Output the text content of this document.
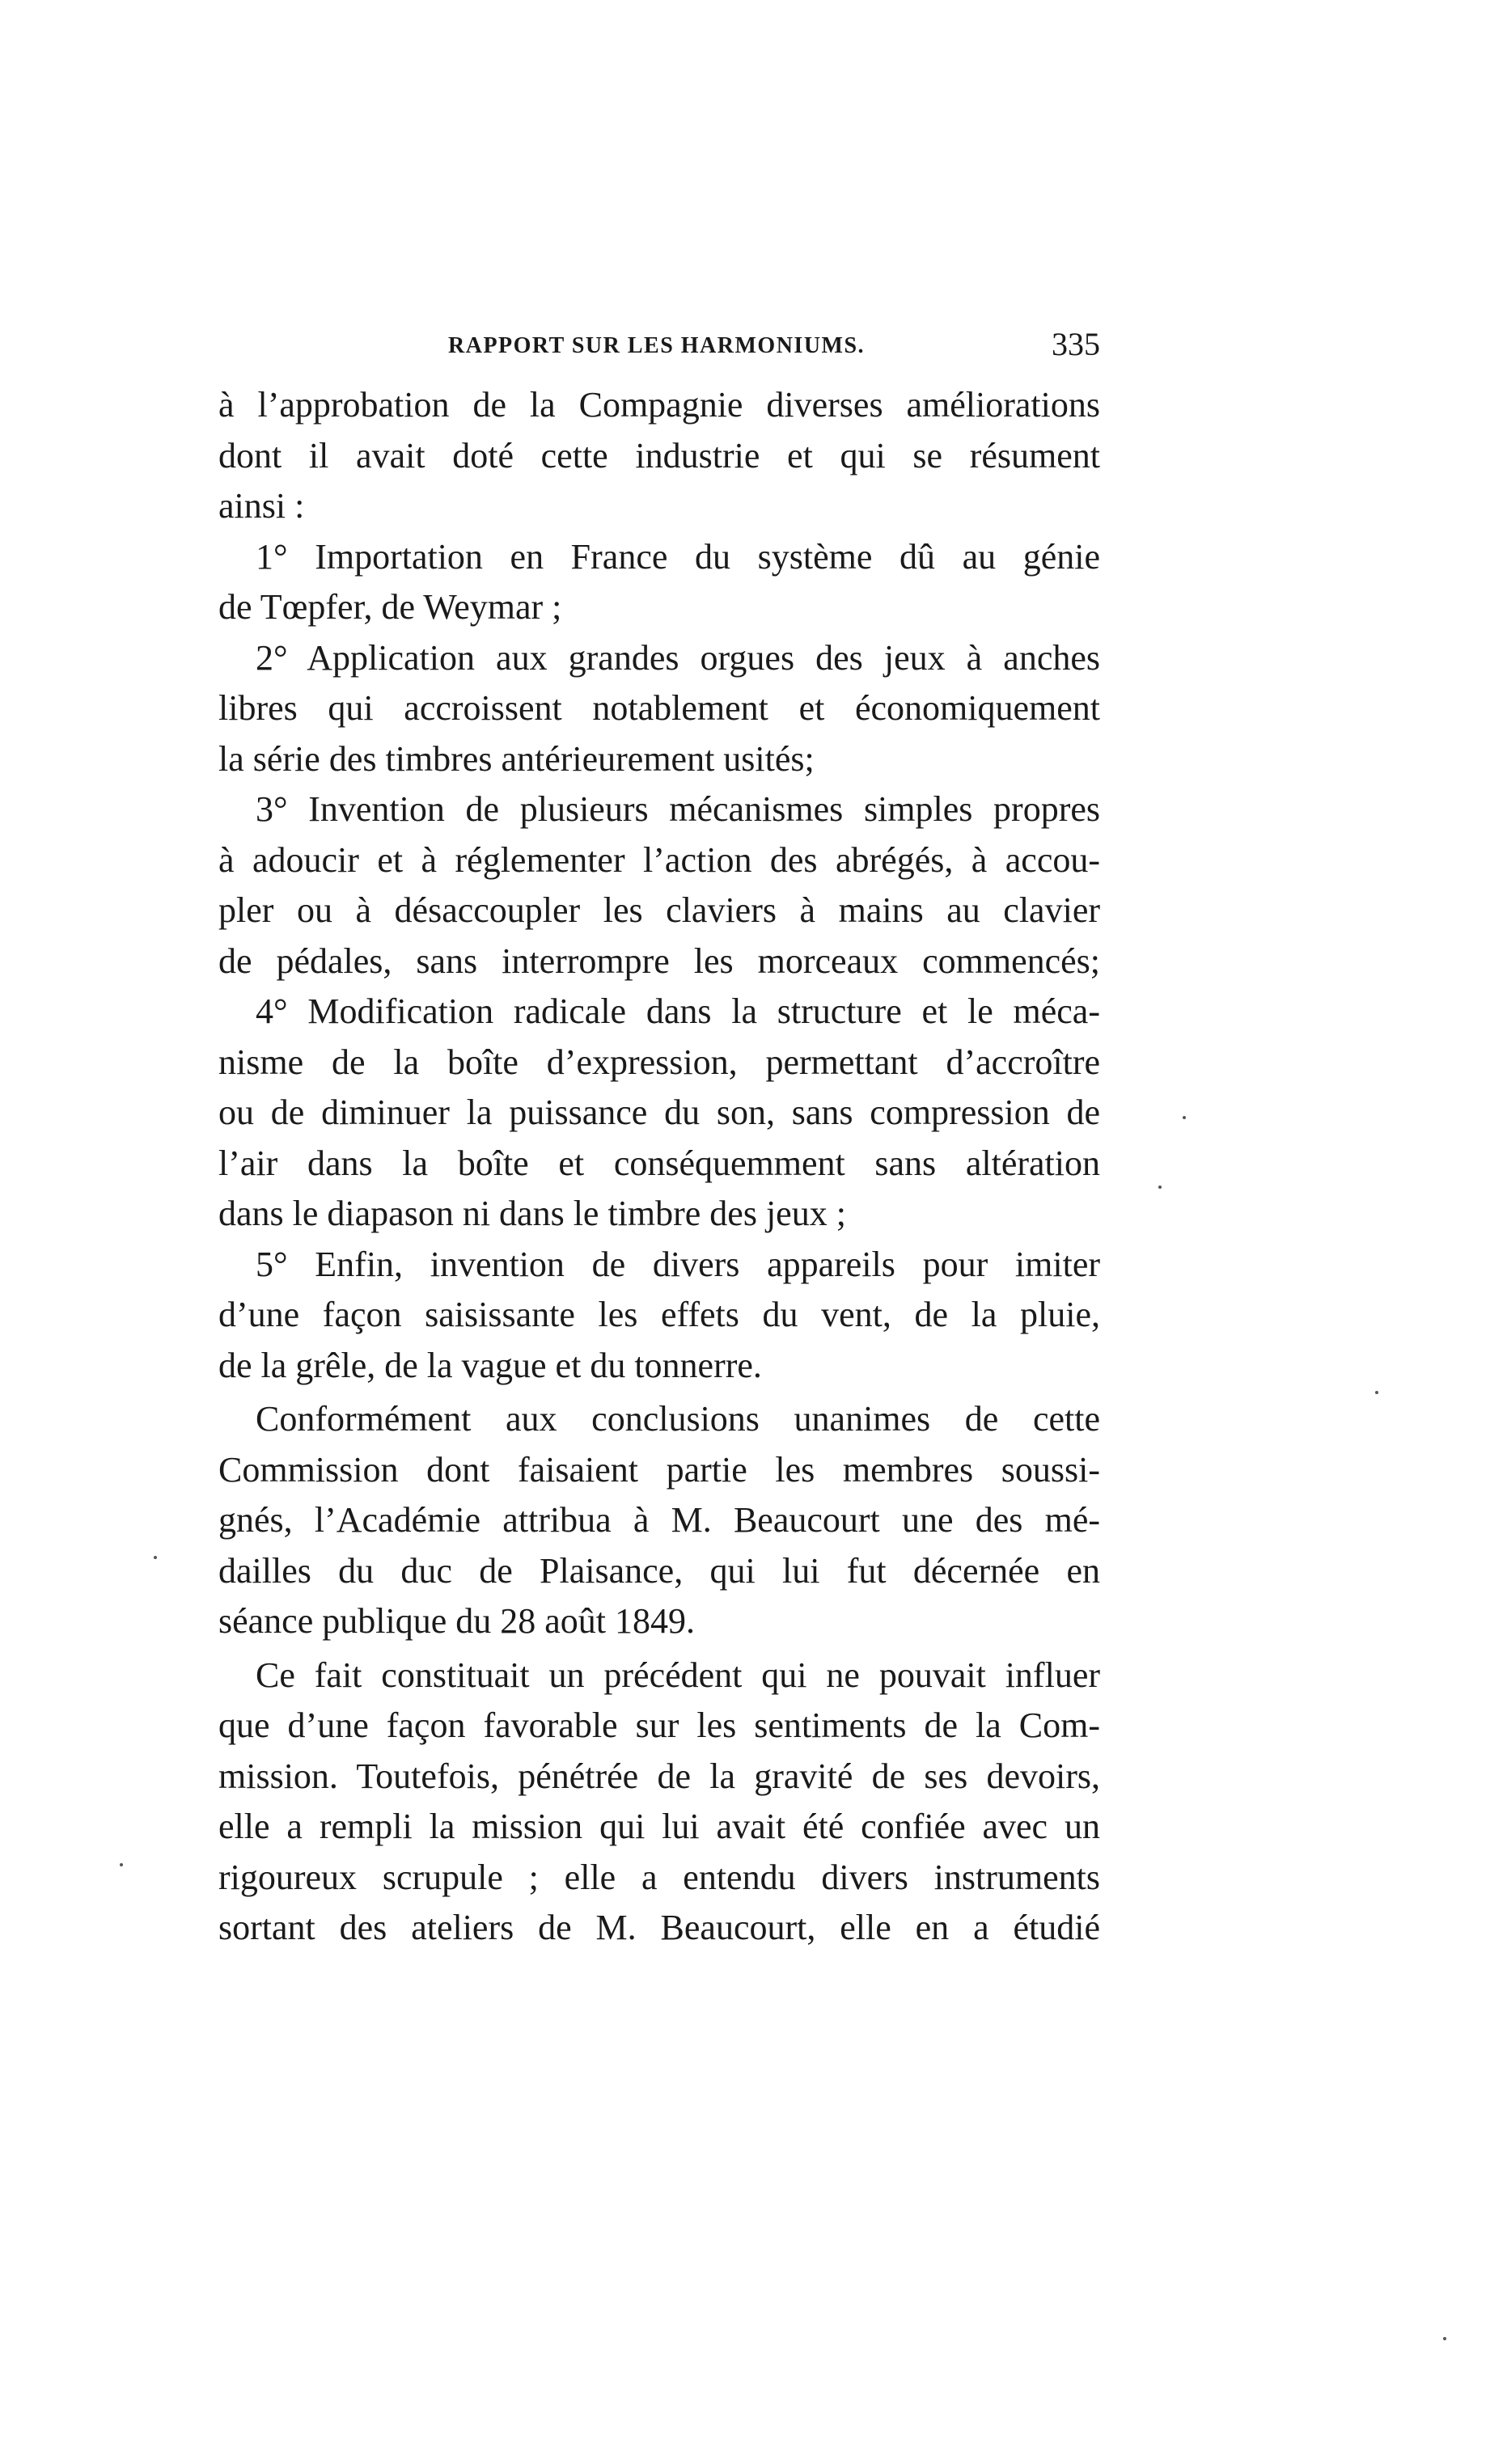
RAPPORT SUR LES HARMONIUMS.	335
à l’approbation de la Compagnie diverses améliorations
dont il avait doté cette industrie et qui se résument
ainsi :
1° Importation en France du système dû au génie
de Tœpfer, de Weymar ;
2° Application aux grandes orgues des jeux à anches
libres qui accroissent notablement et économiquement
la série des timbres antérieurement usités;
3° Invention de plusieurs mécanismes simples propres
à adoucir et à réglementer l’action des abrégés, à accou-
pler ou à désaccoupler les claviers à mains au clavier
de pédales, sans interrompre les morceaux commencés;
4° Modification radicale dans la structure et le méca-
nisme de la boîte d’expression, permettant d’accroître
ou de diminuer la puissance du son, sans compression de
l’air dans la boîte et conséquemment sans altération
dans le diapason ni dans le timbre des jeux ;
5° Enfin, invention de divers appareils pour imiter
d’une façon saisissante les effets du vent, de la pluie,
de la grêle, de la vague et du tonnerre.
Conformément aux conclusions unanimes de cette
Commission dont faisaient partie les membres soussi-
gnés, l’Académie attribua à M. Beaucourt une des mé-
dailles du duc de Plaisance, qui lui fut décernée en
séance publique du 28 août 1849.
Ce fait constituait un précédent qui ne pouvait influer
que d’une façon favorable sur les sentiments de la Com-
mission. Toutefois, pénétrée de la gravité de ses devoirs,
elle a rempli la mission qui lui avait été confiée avec un
rigoureux scrupule ; elle a entendu divers instruments
sortant des ateliers de M. Beaucourt, elle en a étudié
